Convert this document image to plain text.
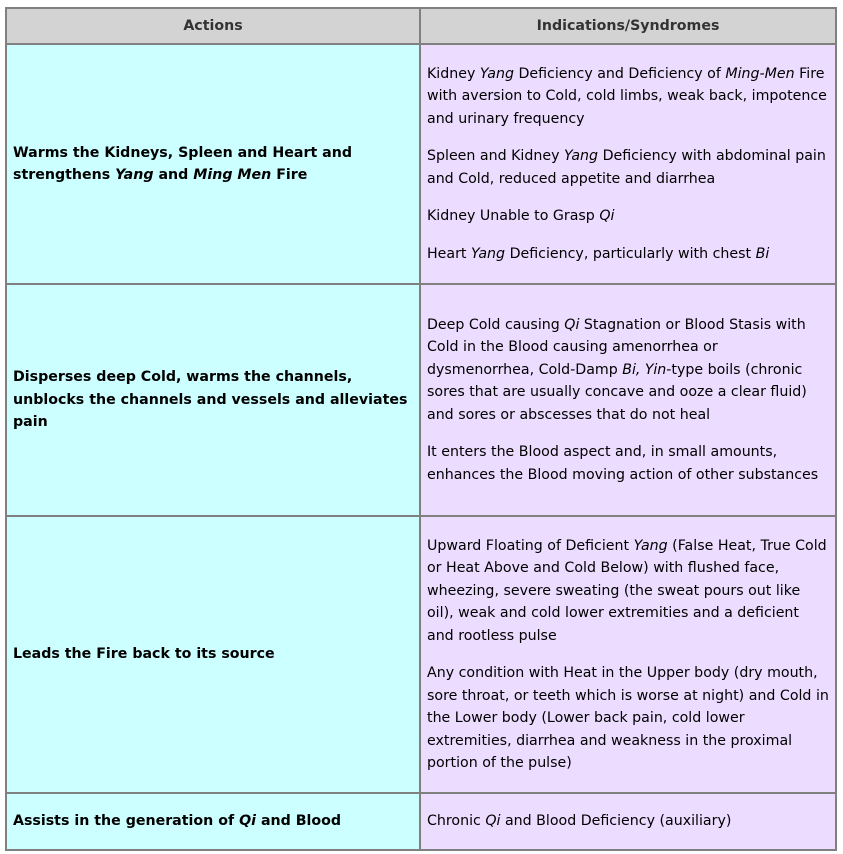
Actions	Indications/Syndromes
Warms the Kidneys, Spleen and Heart and strengthens Yang and Ming Men Fire	Kidney Yang Deficiency and Deficiency of Ming-Men Fire with aversion to Cold, cold limbs, weak back, impotence and urinary frequency

Spleen and Kidney Yang Deficiency with abdominal pain and Cold, reduced appetite and diarrhea

Kidney Unable to Grasp Qi

Heart Yang Deficiency, particularly with chest Bi

Disperses deep Cold, warms the channels, unblocks the channels and vessels and alleviates pain	Deep Cold causing Qi Stagnation or Blood Stasis with Cold in the Blood causing amenorrhea or dysmenorrhea, Cold-Damp Bi, Yin-type boils (chronic sores that are usually concave and ooze a clear fluid) and sores or abscesses that do not heal

It enters the Blood aspect and, in small amounts, enhances the Blood moving action of other substances

Leads the Fire back to its source	Upward Floating of Deficient Yang (False Heat, True Cold or Heat Above and Cold Below) with flushed face, wheezing, severe sweating (the sweat pours out like oil), weak and cold lower extremities and a deficient and rootless pulse

Any condition with Heat in the Upper body (dry mouth, sore throat, or teeth which is worse at night) and Cold in the Lower body (Lower back pain, cold lower extremities, diarrhea and weakness in the proximal portion of the pulse)

Assists in the generation of Qi and Blood	Chronic Qi and Blood Deficiency (auxiliary)
